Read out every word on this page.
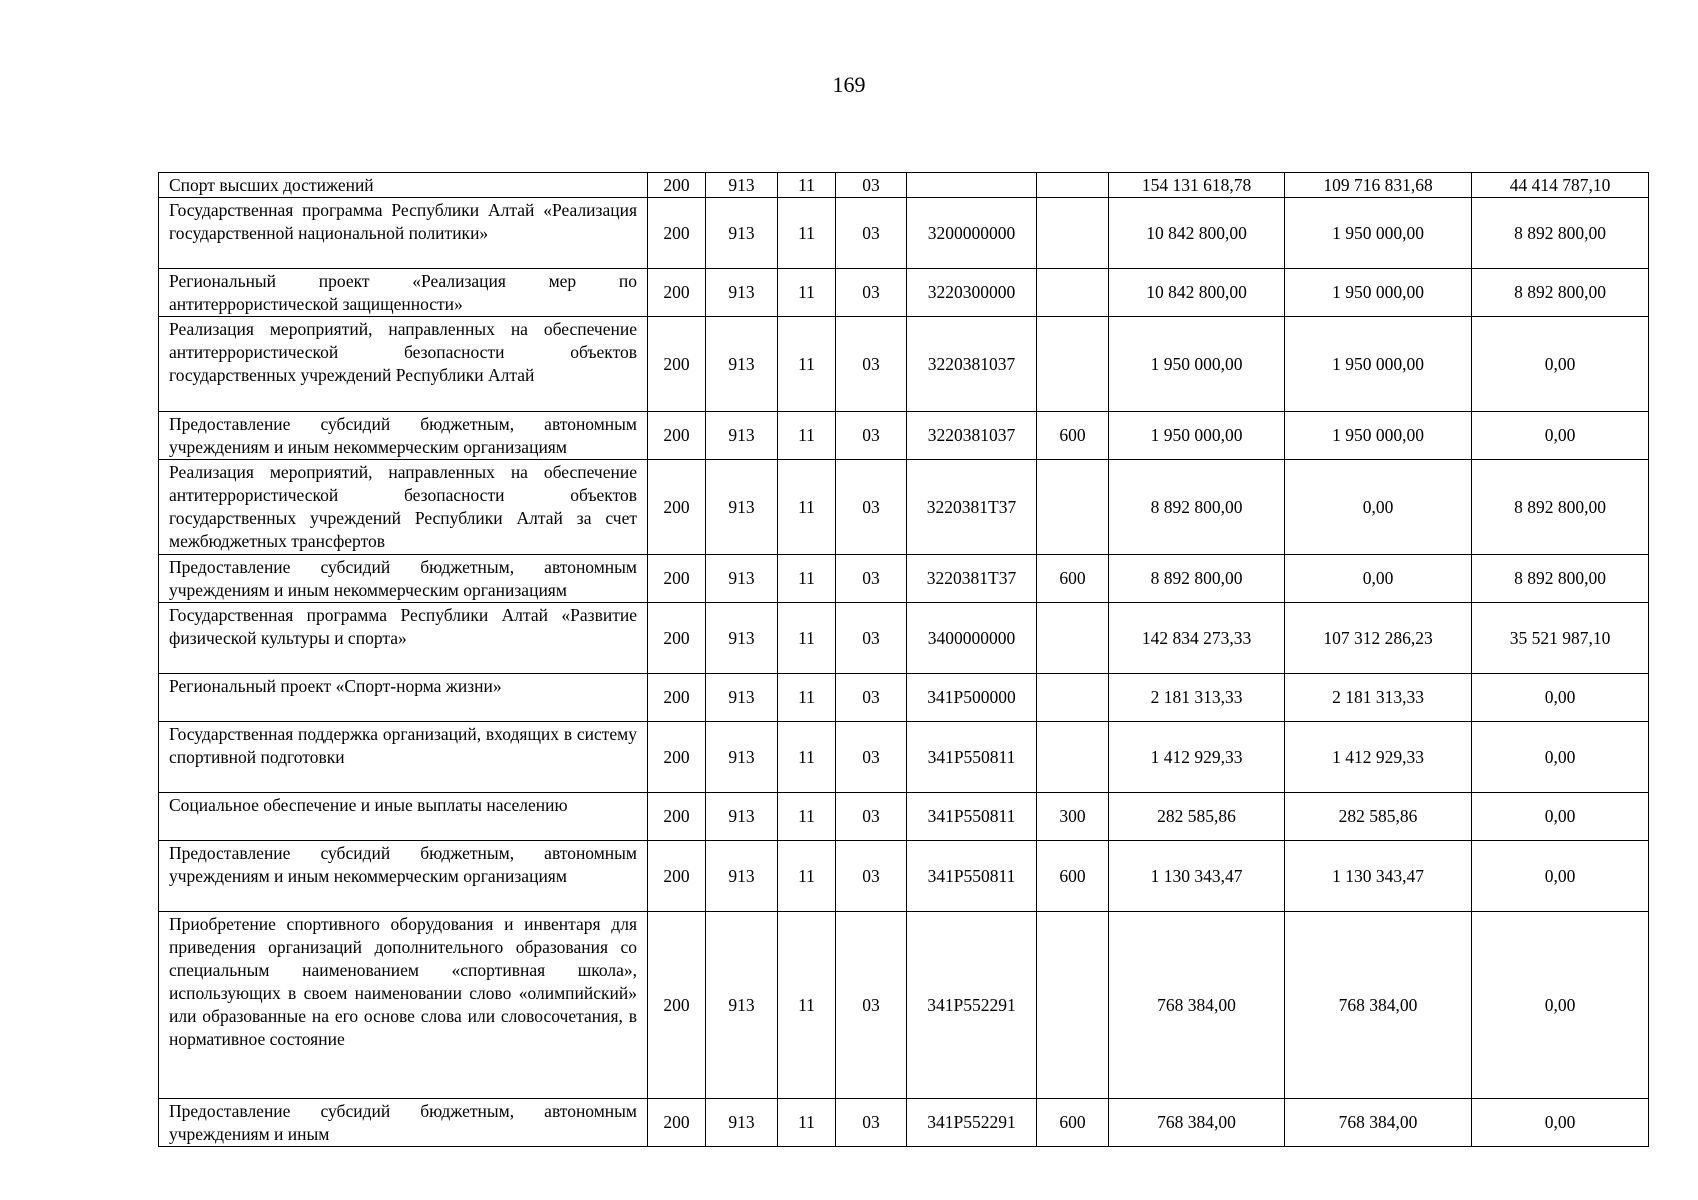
169
Спорт высших достижений	200	913	11	03			154 131 618,78	109 716 831,68	44 414 787,10
Государственная программа Республики Алтай «Реализация государственной национальной политики»	200	913	11	03	3200000000		10 842 800,00	1 950 000,00	8 892 800,00
Региональный проект «Реализация мер по антитеррористической защищенности»	200	913	11	03	3220300000		10 842 800,00	1 950 000,00	8 892 800,00
Реализация мероприятий, направленных на обеспечение антитеррористической безопасности объектов государственных учреждений Республики Алтай	200	913	11	03	3220381037		1 950 000,00	1 950 000,00	0,00
Предоставление субсидий бюджетным, автономным учреждениям и иным некоммерческим организациям	200	913	11	03	3220381037	600	1 950 000,00	1 950 000,00	0,00
Реализация мероприятий, направленных на обеспечение антитеррористической безопасности объектов государственных учреждений Республики Алтай за счет межбюджетных трансфертов	200	913	11	03	3220381Т37		8 892 800,00	0,00	8 892 800,00
Предоставление субсидий бюджетным, автономным учреждениям и иным некоммерческим организациям	200	913	11	03	3220381Т37	600	8 892 800,00	0,00	8 892 800,00
Государственная программа Республики Алтай «Развитие физической культуры и спорта»	200	913	11	03	3400000000		142 834 273,33	107 312 286,23	35 521 987,10
Региональный проект «Спорт-норма жизни»	200	913	11	03	341Р500000		2 181 313,33	2 181 313,33	0,00
Государственная поддержка организаций, входящих в систему спортивной подготовки	200	913	11	03	341Р550811		1 412 929,33	1 412 929,33	0,00
Социальное обеспечение и иные выплаты населению	200	913	11	03	341Р550811	300	282 585,86	282 585,86	0,00
Предоставление субсидий бюджетным, автономным учреждениям и иным некоммерческим организациям	200	913	11	03	341Р550811	600	1 130 343,47	1 130 343,47	0,00
Приобретение спортивного оборудования и инвентаря для приведения организаций дополнительного образования со специальным наименованием «спортивная школа», использующих в своем наименовании слово «олимпийский» или образованные на его основе слова или словосочетания, в нормативное состояние	200	913	11	03	341Р552291		768 384,00	768 384,00	0,00
Предоставление субсидий бюджетным, автономным учреждениям и иным	200	913	11	03	341Р552291	600	768 384,00	768 384,00	0,00
